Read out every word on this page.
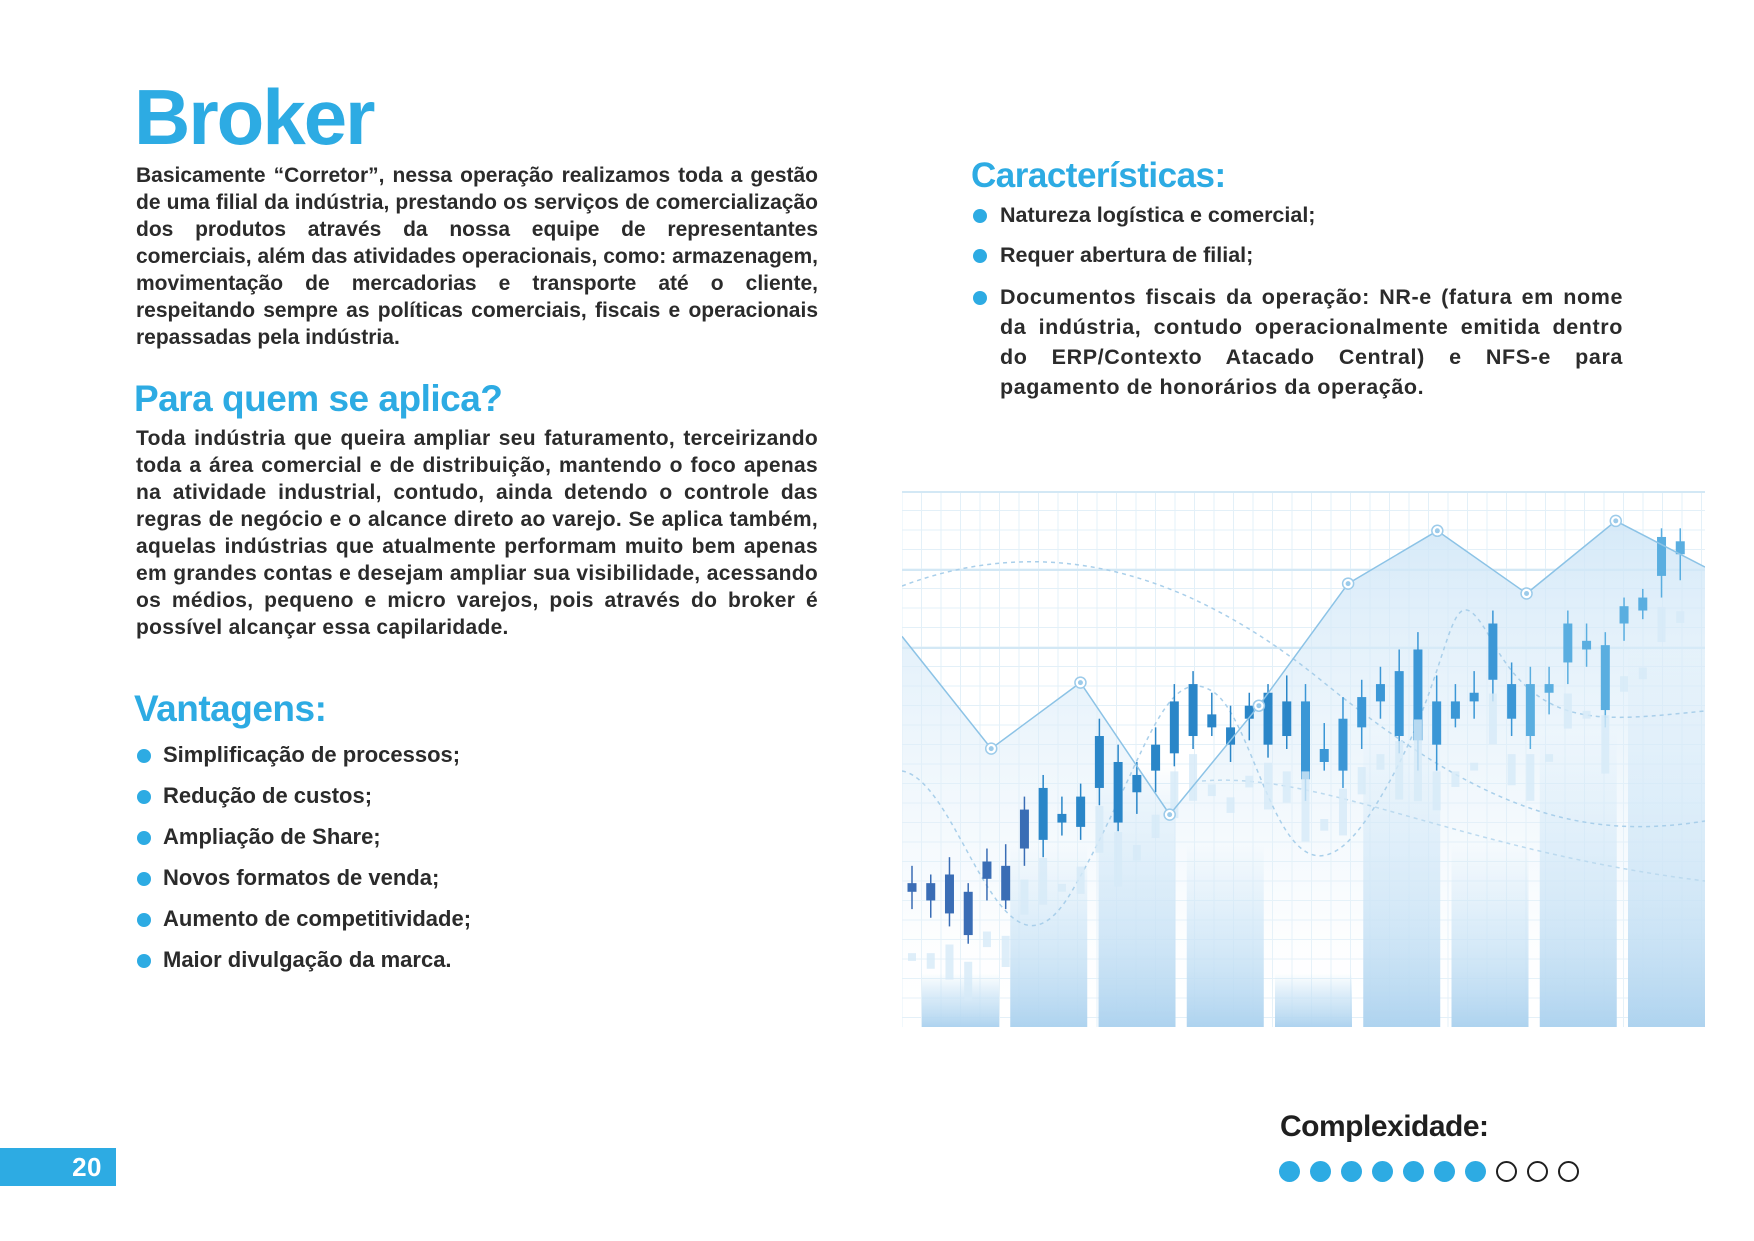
Broker

Basicamente “Corretor”, nessa operação realizamos toda a gestão de uma filial da indústria, prestando os serviços de comercialização dos produtos através da nossa equipe de representantes comerciais, além das atividades operacionais, como: armazenagem, movimentação de mercadorias e transporte até o cliente, respeitando sempre as políticas comerciais, fiscais e operacionais repassadas pela indústria.

Para quem se aplica?

Toda indústria que queira ampliar seu faturamento, terceirizando toda a área comercial e de distribuição, mantendo o foco apenas na atividade industrial, contudo, ainda detendo o controle das regras de negócio e o alcance direto ao varejo. Se aplica também, aquelas indústrias que atualmente performam muito bem apenas em grandes contas e desejam ampliar sua visibilidade, acessando os médios, pequeno e micro varejos, pois através do broker é possível alcançar essa capilaridade.

Vantagens:
Simplificação de processos;
Redução de custos;
Ampliação de Share;
Novos formatos de venda;
Aumento de competitividade;
Maior divulgação da marca.
Características:
Natureza logística e comercial;
Requer abertura de filial;
Documentos fiscais da operação: NR-e (fatura em nome da indústria, contudo operacionalmente emitida dentro do ERP/Contexto Atacado Central) e NFS-e para pagamento de honorários da operação.
Complexidade:
20
